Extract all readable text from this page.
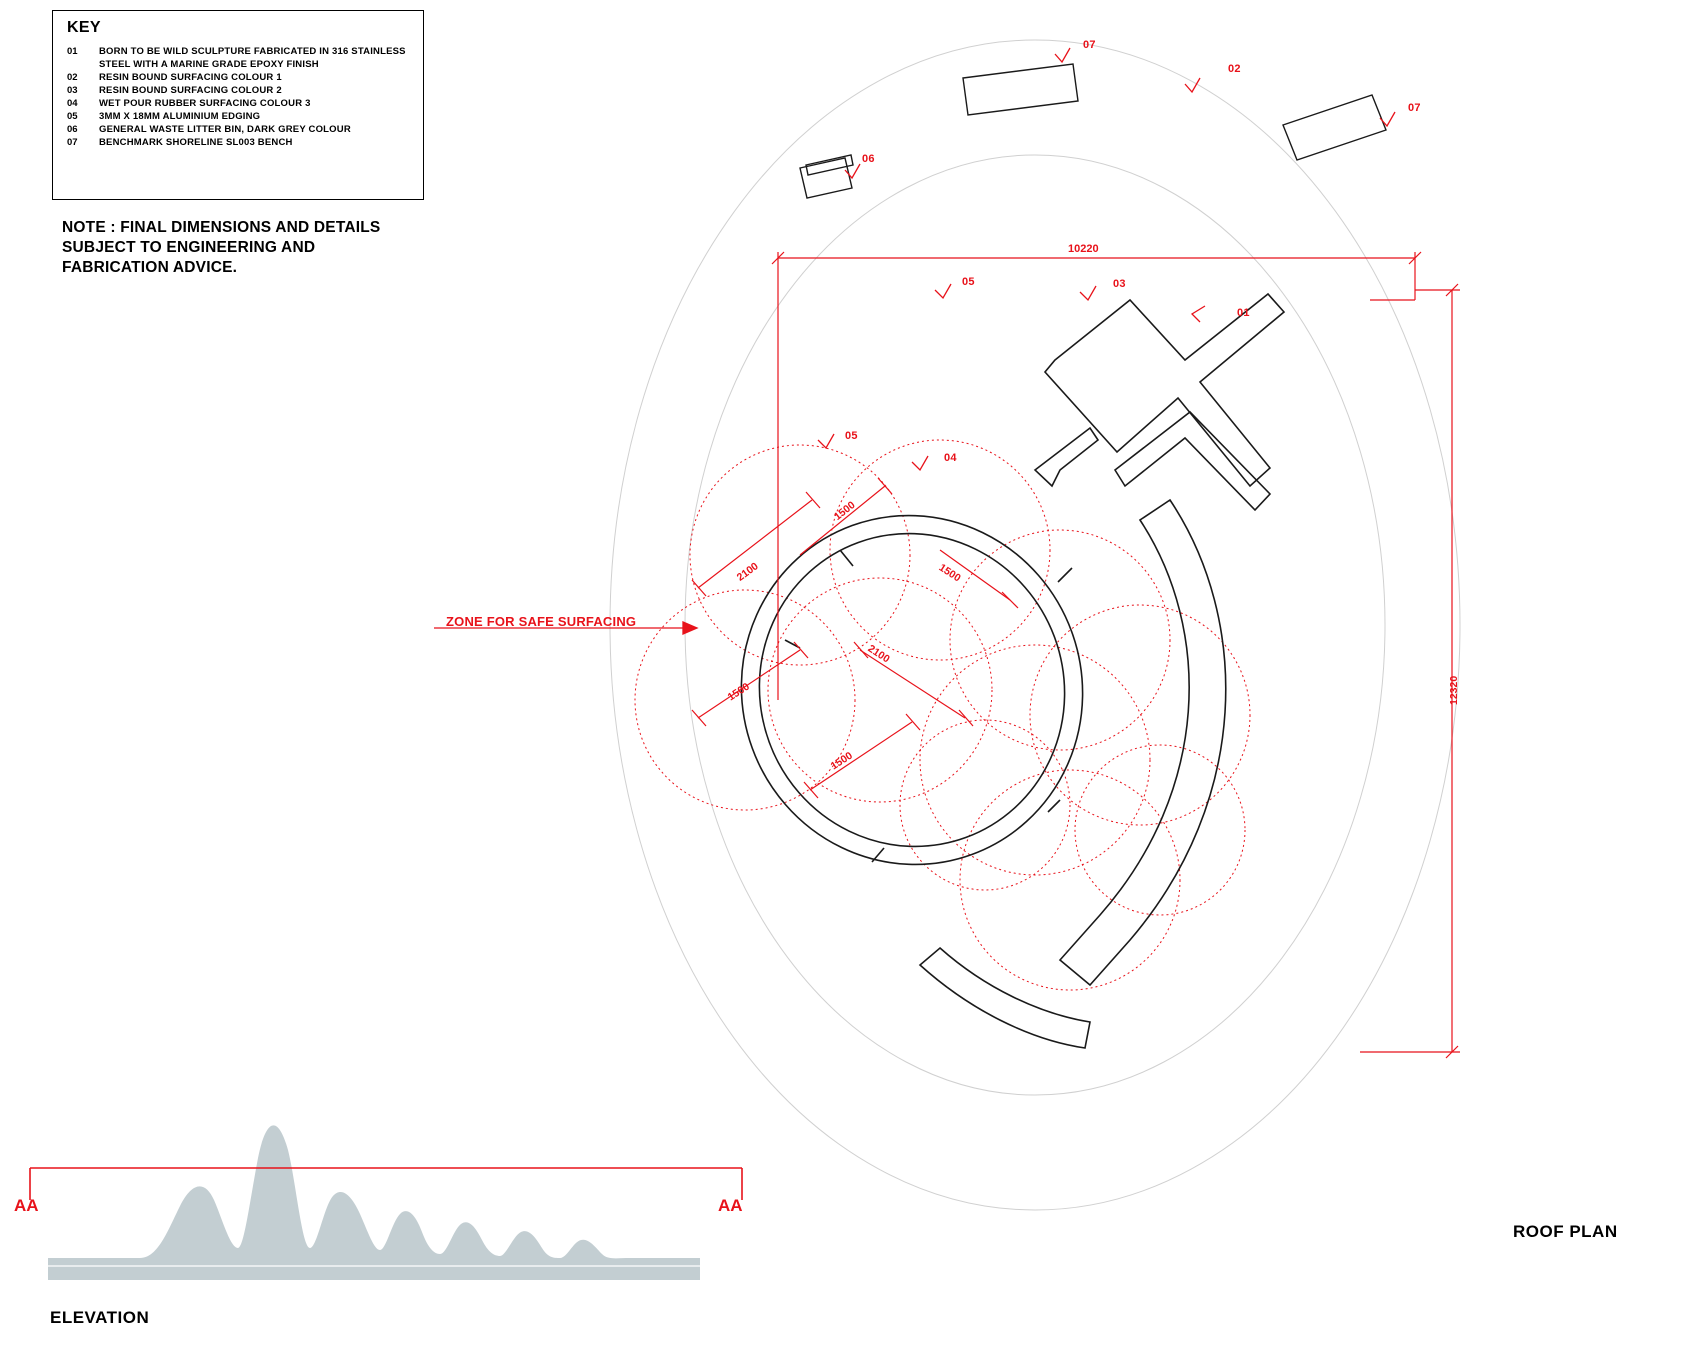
KEY
01	BORN TO BE WILD SCULPTURE FABRICATED IN 316 STAINLESS STEEL WITH A MARINE GRADE EPOXY FINISH
02	RESIN BOUND SURFACING COLOUR 1
03	RESIN BOUND SURFACING COLOUR 2
04	WET POUR RUBBER SURFACING COLOUR 3
05	3MM X 18MM ALUMINIUM EDGING
06	GENERAL WASTE LITTER BIN, DARK GREY COLOUR
07	BENCHMARK SHORELINE SL003 BENCH
NOTE : FINAL DIMENSIONS AND DETAILS SUBJECT TO ENGINEERING AND FABRICATION ADVICE.
07
02
07
06
05	03
01
05
04
10220
12320
1500
1500
2100
2100
1500
1500
ZONE FOR SAFE SURFACING
AA	AA
ROOF PLAN
ELEVATION
